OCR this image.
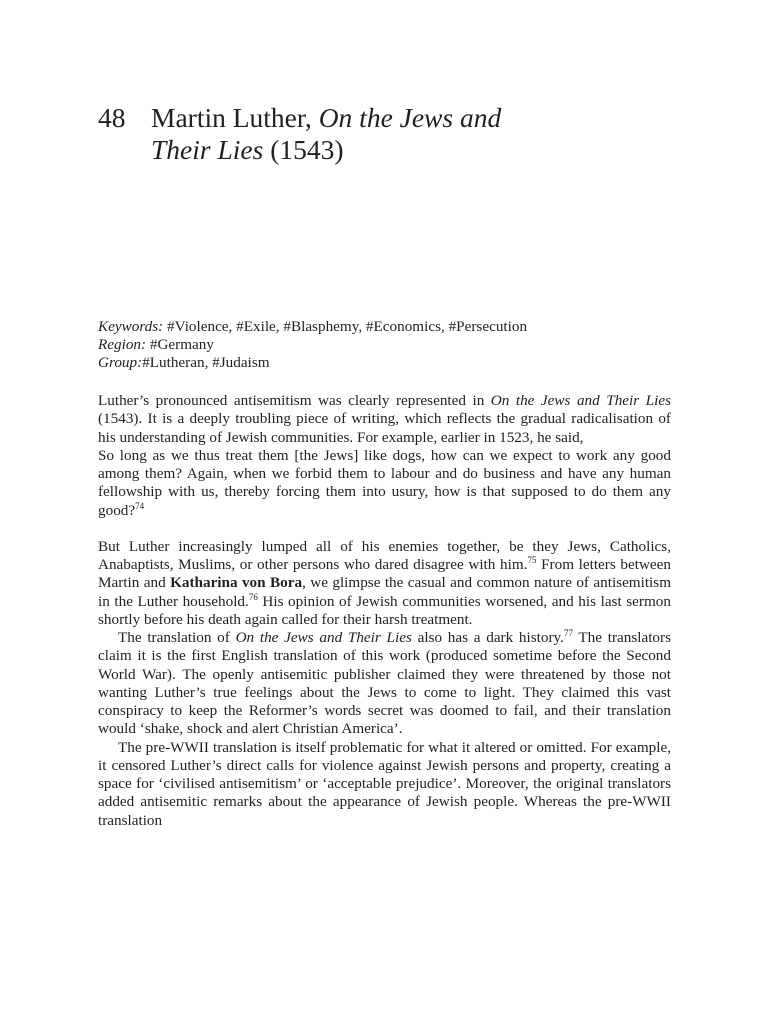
48 Martin Luther, On the Jews and
Their Lies (1543)
Keywords: #Violence, #Exile, #Blasphemy, #Economics, #Persecution
Region: #Germany
Group:#Lutheran, #Judaism

Luther’s pronounced antisemitism was clearly represented in On the Jews and Their Lies (1543). It is a deeply troubling piece of writing, which reflects the gradual radicalisation of his understanding of Jewish communities. For example, earlier in 1523, he said,

So long as we thus treat them [the Jews] like dogs, how can we expect to work any good among them? Again, when we forbid them to labour and do business and have any human fellowship with us, thereby forcing them into usury, how is that supposed to do them any good?$^{74}$

But Luther increasingly lumped all of his enemies together, be they Jews, Catholics, Anabaptists, Muslims, or other persons who dared disagree with him.$^{75}$ From letters between Martin and Katharina von Bora, we glimpse the casual and common nature of antisemitism in the Luther household.$^{76}$ His opinion of Jewish communities worsened, and his last sermon shortly before his death again called for their harsh treatment.

The translation of On the Jews and Their Lies also has a dark history.$^{77}$ The translators claim it is the first English translation of this work (produced sometime before the Second World War). The openly antisemitic publisher claimed they were threatened by those not wanting Luther’s true feelings about the Jews to come to light. They claimed this vast conspiracy to keep the Reformer’s words secret was doomed to fail, and their translation would ‘shake, shock and alert Christian America’.

The pre-WWII translation is itself problematic for what it altered or omitted. For example, it censored Luther’s direct calls for violence against Jewish persons and property, creating a space for ‘civilised antisemitism’ or ‘acceptable prejudice’. Moreover, the original translators added antisemitic remarks about the appearance of Jewish people. Whereas the pre-WWII translation
